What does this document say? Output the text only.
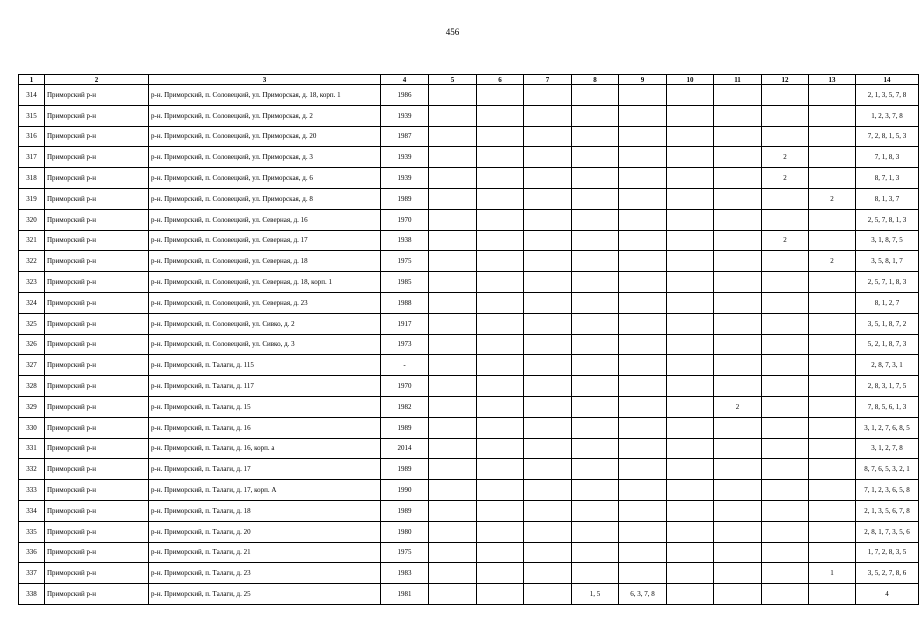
456
1	2	3	4	5	6	7	8	9	10	11	12	13	14
314	Приморский р-н	р-н. Приморский, п. Соловецкий, ул. Приморская, д. 18, корп. 1	1986										2, 1, 3, 5, 7, 8
315	Приморский р-н	р-н. Приморский, п. Соловецкий, ул. Приморская, д. 2	1939										1, 2, 3, 7, 8
316	Приморский р-н	р-н. Приморский, п. Соловецкий, ул. Приморская, д. 20	1987										7, 2, 8, 1, 5, 3
317	Приморский р-н	р-н. Приморский, п. Соловецкий, ул. Приморская, д. 3	1939								2		7, 1, 8, 3
318	Приморский р-н	р-н. Приморский, п. Соловецкий, ул. Приморская, д. 6	1939								2		8, 7, 1, 3
319	Приморский р-н	р-н. Приморский, п. Соловецкий, ул. Приморская, д. 8	1989									2	8, 1, 3, 7
320	Приморский р-н	р-н. Приморский, п. Соловецкий, ул. Северная, д. 16	1970										2, 5, 7, 8, 1, 3
321	Приморский р-н	р-н. Приморский, п. Соловецкий, ул. Северная, д. 17	1938								2		3, 1, 8, 7, 5
322	Приморский р-н	р-н. Приморский, п. Соловецкий, ул. Северная, д. 18	1975									2	3, 5, 8, 1, 7
323	Приморский р-н	р-н. Приморский, п. Соловецкий, ул. Северная, д. 18, корп. 1	1985										2, 5, 7, 1, 8, 3
324	Приморский р-н	р-н. Приморский, п. Соловецкий, ул. Северная, д. 23	1988										8, 1, 2, 7
325	Приморский р-н	р-н. Приморский, п. Соловецкий, ул. Сивко, д. 2	1917										3, 5, 1, 8, 7, 2
326	Приморский р-н	р-н. Приморский, п. Соловецкий, ул. Сивко, д. 3	1973										5, 2, 1, 8, 7, 3
327	Приморский р-н	р-н. Приморский, п. Талаги, д. 115	-										2, 8, 7, 3, 1
328	Приморский р-н	р-н. Приморский, п. Талаги, д. 117	1970										2, 8, 3, 1, 7, 5
329	Приморский р-н	р-н. Приморский, п. Талаги, д. 15	1982							2			7, 8, 5, 6, 1, 3
330	Приморский р-н	р-н. Приморский, п. Талаги, д. 16	1989										3, 1, 2, 7, 6, 8, 5
331	Приморский р-н	р-н. Приморский, п. Талаги, д. 16, корп. а	2014										3, 1, 2, 7, 8
332	Приморский р-н	р-н. Приморский, п. Талаги, д. 17	1989										8, 7, 6, 5, 3, 2, 1
333	Приморский р-н	р-н. Приморский, п. Талаги, д. 17, корп. А	1990										7, 1, 2, 3, 6, 5, 8
334	Приморский р-н	р-н. Приморский, п. Талаги, д. 18	1989										2, 1, 3, 5, 6, 7, 8
335	Приморский р-н	р-н. Приморский, п. Талаги, д. 20	1980										2, 8, 1, 7, 3, 5, 6
336	Приморский р-н	р-н. Приморский, п. Талаги, д. 21	1975										1, 7, 2, 8, 3, 5
337	Приморский р-н	р-н. Приморский, п. Талаги, д. 23	1983									1	3, 5, 2, 7, 8, 6
338	Приморский р-н	р-н. Приморский, п. Талаги, д. 25	1981				1, 5	6, 3, 7, 8					4
